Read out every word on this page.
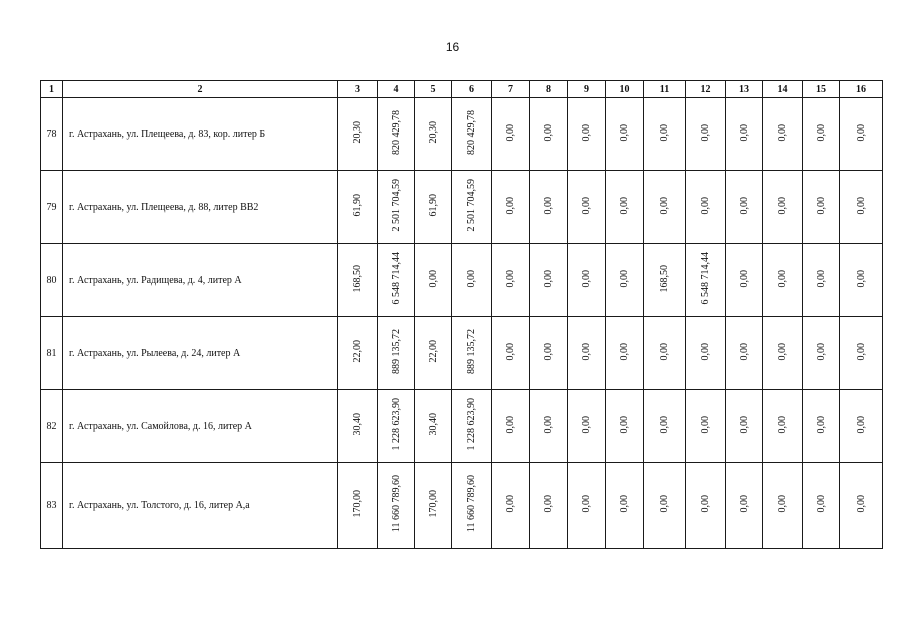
16
1	2	3	4	5	6	7	8	9	10	11	12	13	14	15	16
78	г. Астрахань, ул. Плещеева, д. 83, кор. литер Б	20,30	820 429,78	20,30	820 429,78	0,00	0,00	0,00	0,00	0,00	0,00	0,00	0,00	0,00	0,00
79	г. Астрахань, ул. Плещеева, д. 88, литер ВВ2	61,90	2 501 704,59	61,90	2 501 704,59	0,00	0,00	0,00	0,00	0,00	0,00	0,00	0,00	0,00	0,00
80	г. Астрахань, ул. Радищева, д. 4, литер А	168,50	6 548 714,44	0,00	0,00	0,00	0,00	0,00	0,00	168,50	6 548 714,44	0,00	0,00	0,00	0,00
81	г. Астрахань, ул. Рылеева, д. 24, литер А	22,00	889 135,72	22,00	889 135,72	0,00	0,00	0,00	0,00	0,00	0,00	0,00	0,00	0,00	0,00
82	г. Астрахань, ул. Самойлова, д. 16, литер А	30,40	1 228 623,90	30,40	1 228 623,90	0,00	0,00	0,00	0,00	0,00	0,00	0,00	0,00	0,00	0,00
83	г. Астрахань, ул. Толстого, д. 16, литер А,а	170,00	11 660 789,60	170,00	11 660 789,60	0,00	0,00	0,00	0,00	0,00	0,00	0,00	0,00	0,00	0,00
